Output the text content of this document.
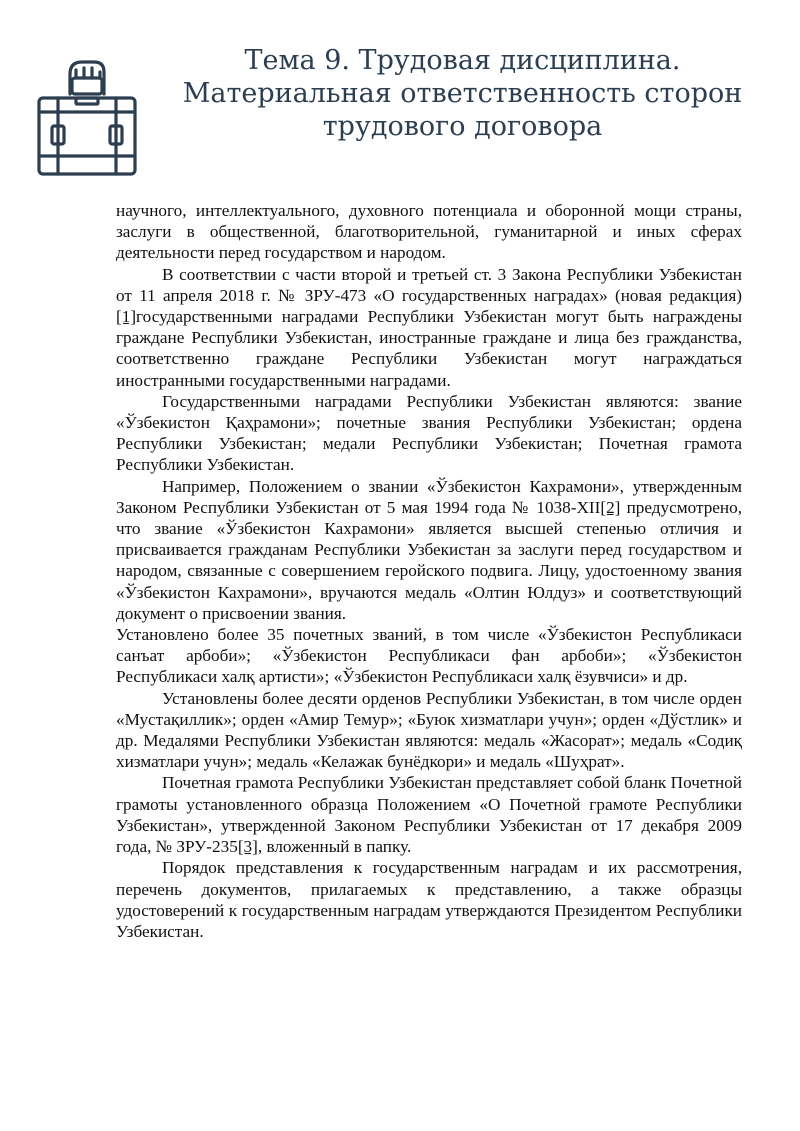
Тема 9. Трудовая дисциплина.
Материальная ответственность сторон
трудового договора

научного, интеллектуального, духовного потенциала и оборонной мощи страны, заслуги в общественной, благотворительной, гуманитарной и иных сферах деятельности перед государством и народом.

В соответствии с части второй и третьей ст. 3 Закона Республики Узбекистан от 11 апреля 2018 г. № ЗРУ-473 «О государственных наградах» (новая редакция)[1]государственными наградами Республики Узбекистан могут быть награждены граждане Республики Узбекистан, иностранные граждане и лица без гражданства, соответственно граждане Республики Узбекистан могут награждаться иностранными государственными наградами.

Государственными наградами Республики Узбекистан являются: звание «Ўзбекистон Қаҳрамони»; почетные звания Республики Узбекистан; ордена Республики Узбекистан; медали Республики Узбекистан; Почетная грамота Республики Узбекистан.

Например, Положением о звании «Ўзбекистон Кахрамони», утвержденным Законом Республики Узбекистан от 5 мая 1994 года № 1038-XII[2] предусмотрено, что звание «Ўзбекистон Кахрамони» является высшей степенью отличия и присваивается гражданам Республики Узбекистан за заслуги перед государством и народом, связанные с совершением геройского подвига. Лицу, удостоенному звания «Ўзбекистон Кахрамони», вручаются медаль «Олтин Юлдуз» и соответствующий документ о присвоении звания.

Установлено более 35 почетных званий, в том числе «Ўзбекистон Республикаси санъат арбоби»; «Ўзбекистон Республикаси фан арбоби»; «Ўзбекистон Республикаси халқ артисти»; «Ўзбекистон Республикаси халқ ёзувчиси» и др.

Установлены более десяти орденов Республики Узбекистан, в том числе орден «Мустақиллик»; орден «Амир Темур»; «Буюк хизматлари учун»; орден «Дўстлик» и др. Медалями Республики Узбекистан являются: медаль «Жасорат»; медаль «Содиқ хизматлари учун»; медаль «Келажак бунёдкори» и медаль «Шуҳрат».

Почетная грамота Республики Узбекистан представляет собой бланк Почетной грамоты установленного образца Положением «О Почетной грамоте Республики Узбекистан», утвержденной Законом Республики Узбекистан от 17 декабря 2009 года, № ЗРУ-235[3], вложенный в папку.

Порядок представления к государственным наградам и их рассмотрения, перечень документов, прилагаемых к представлению, а также образцы удостоверений к государственным наградам утверждаются Президентом Республики Узбекистан.
